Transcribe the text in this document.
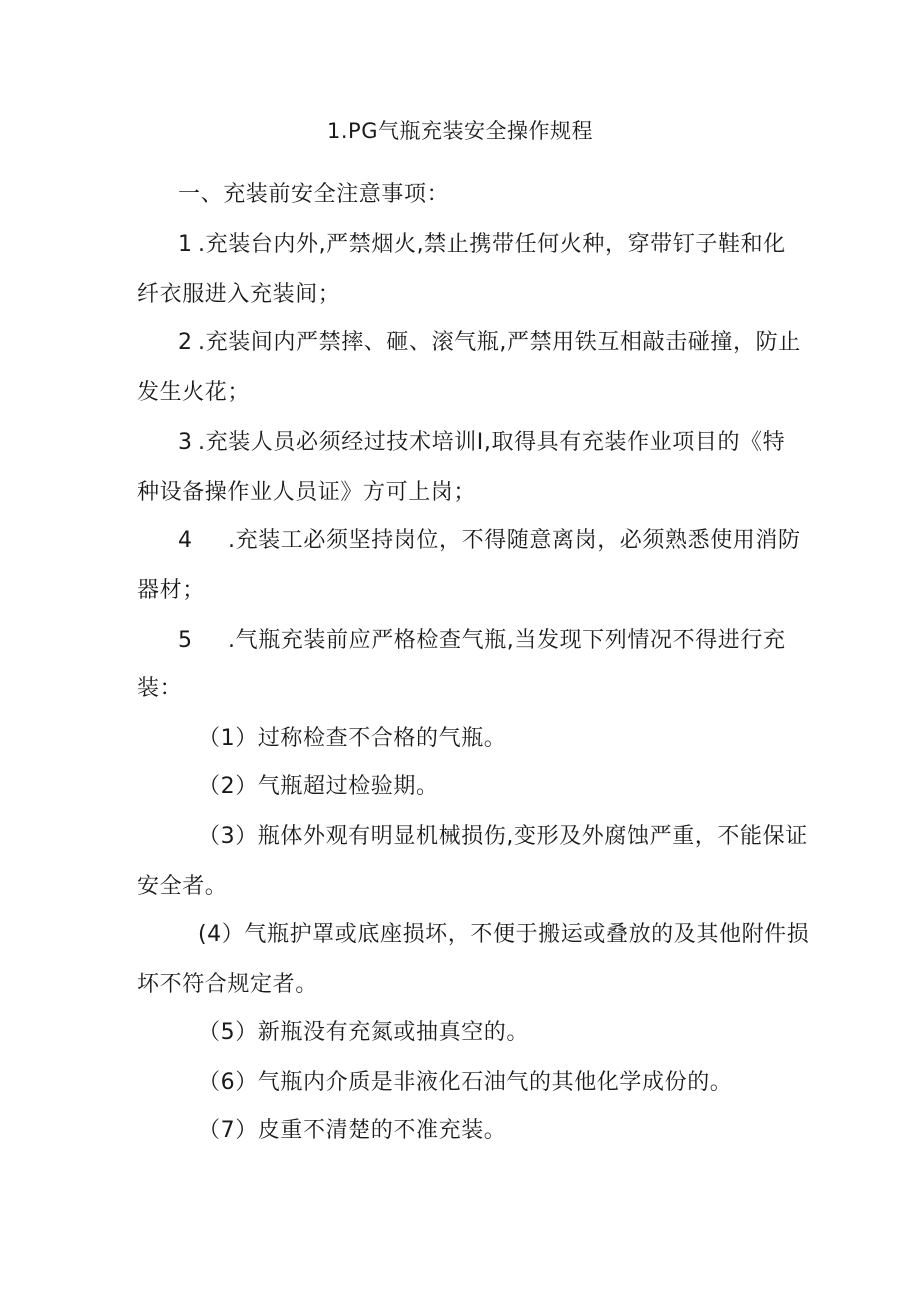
1.PG气瓶充装安全操作规程
一、充装前安全注意事项：
1 .充装台内外,严禁烟火,禁止携带任何火种，穿带钉子鞋和化
纤衣服进入充装间；
2 .充装间内严禁摔、砸、滚气瓶,严禁用铁互相敲击碰撞，防止
发生火花；
3 .充装人员必须经过技术培训I,取得具有充装作业项目的《特
种设备操作业人员证》方可上岗；
4 .充装工必须坚持岗位，不得随意离岗，必须熟悉使用消防
器材；
5 .气瓶充装前应严格检查气瓶,当发现下列情况不得进行充
装：
（1）过称检查不合格的气瓶。
（2）气瓶超过检验期。
（3）瓶体外观有明显机械损伤,变形及外腐蚀严重，不能保证
安全者。
(4）气瓶护罩或底座损坏，不便于搬运或叠放的及其他附件损
坏不符合规定者。
（5）新瓶没有充氮或抽真空的。
（6）气瓶内介质是非液化石油气的其他化学成份的。
（7）皮重不清楚的不准充装。
